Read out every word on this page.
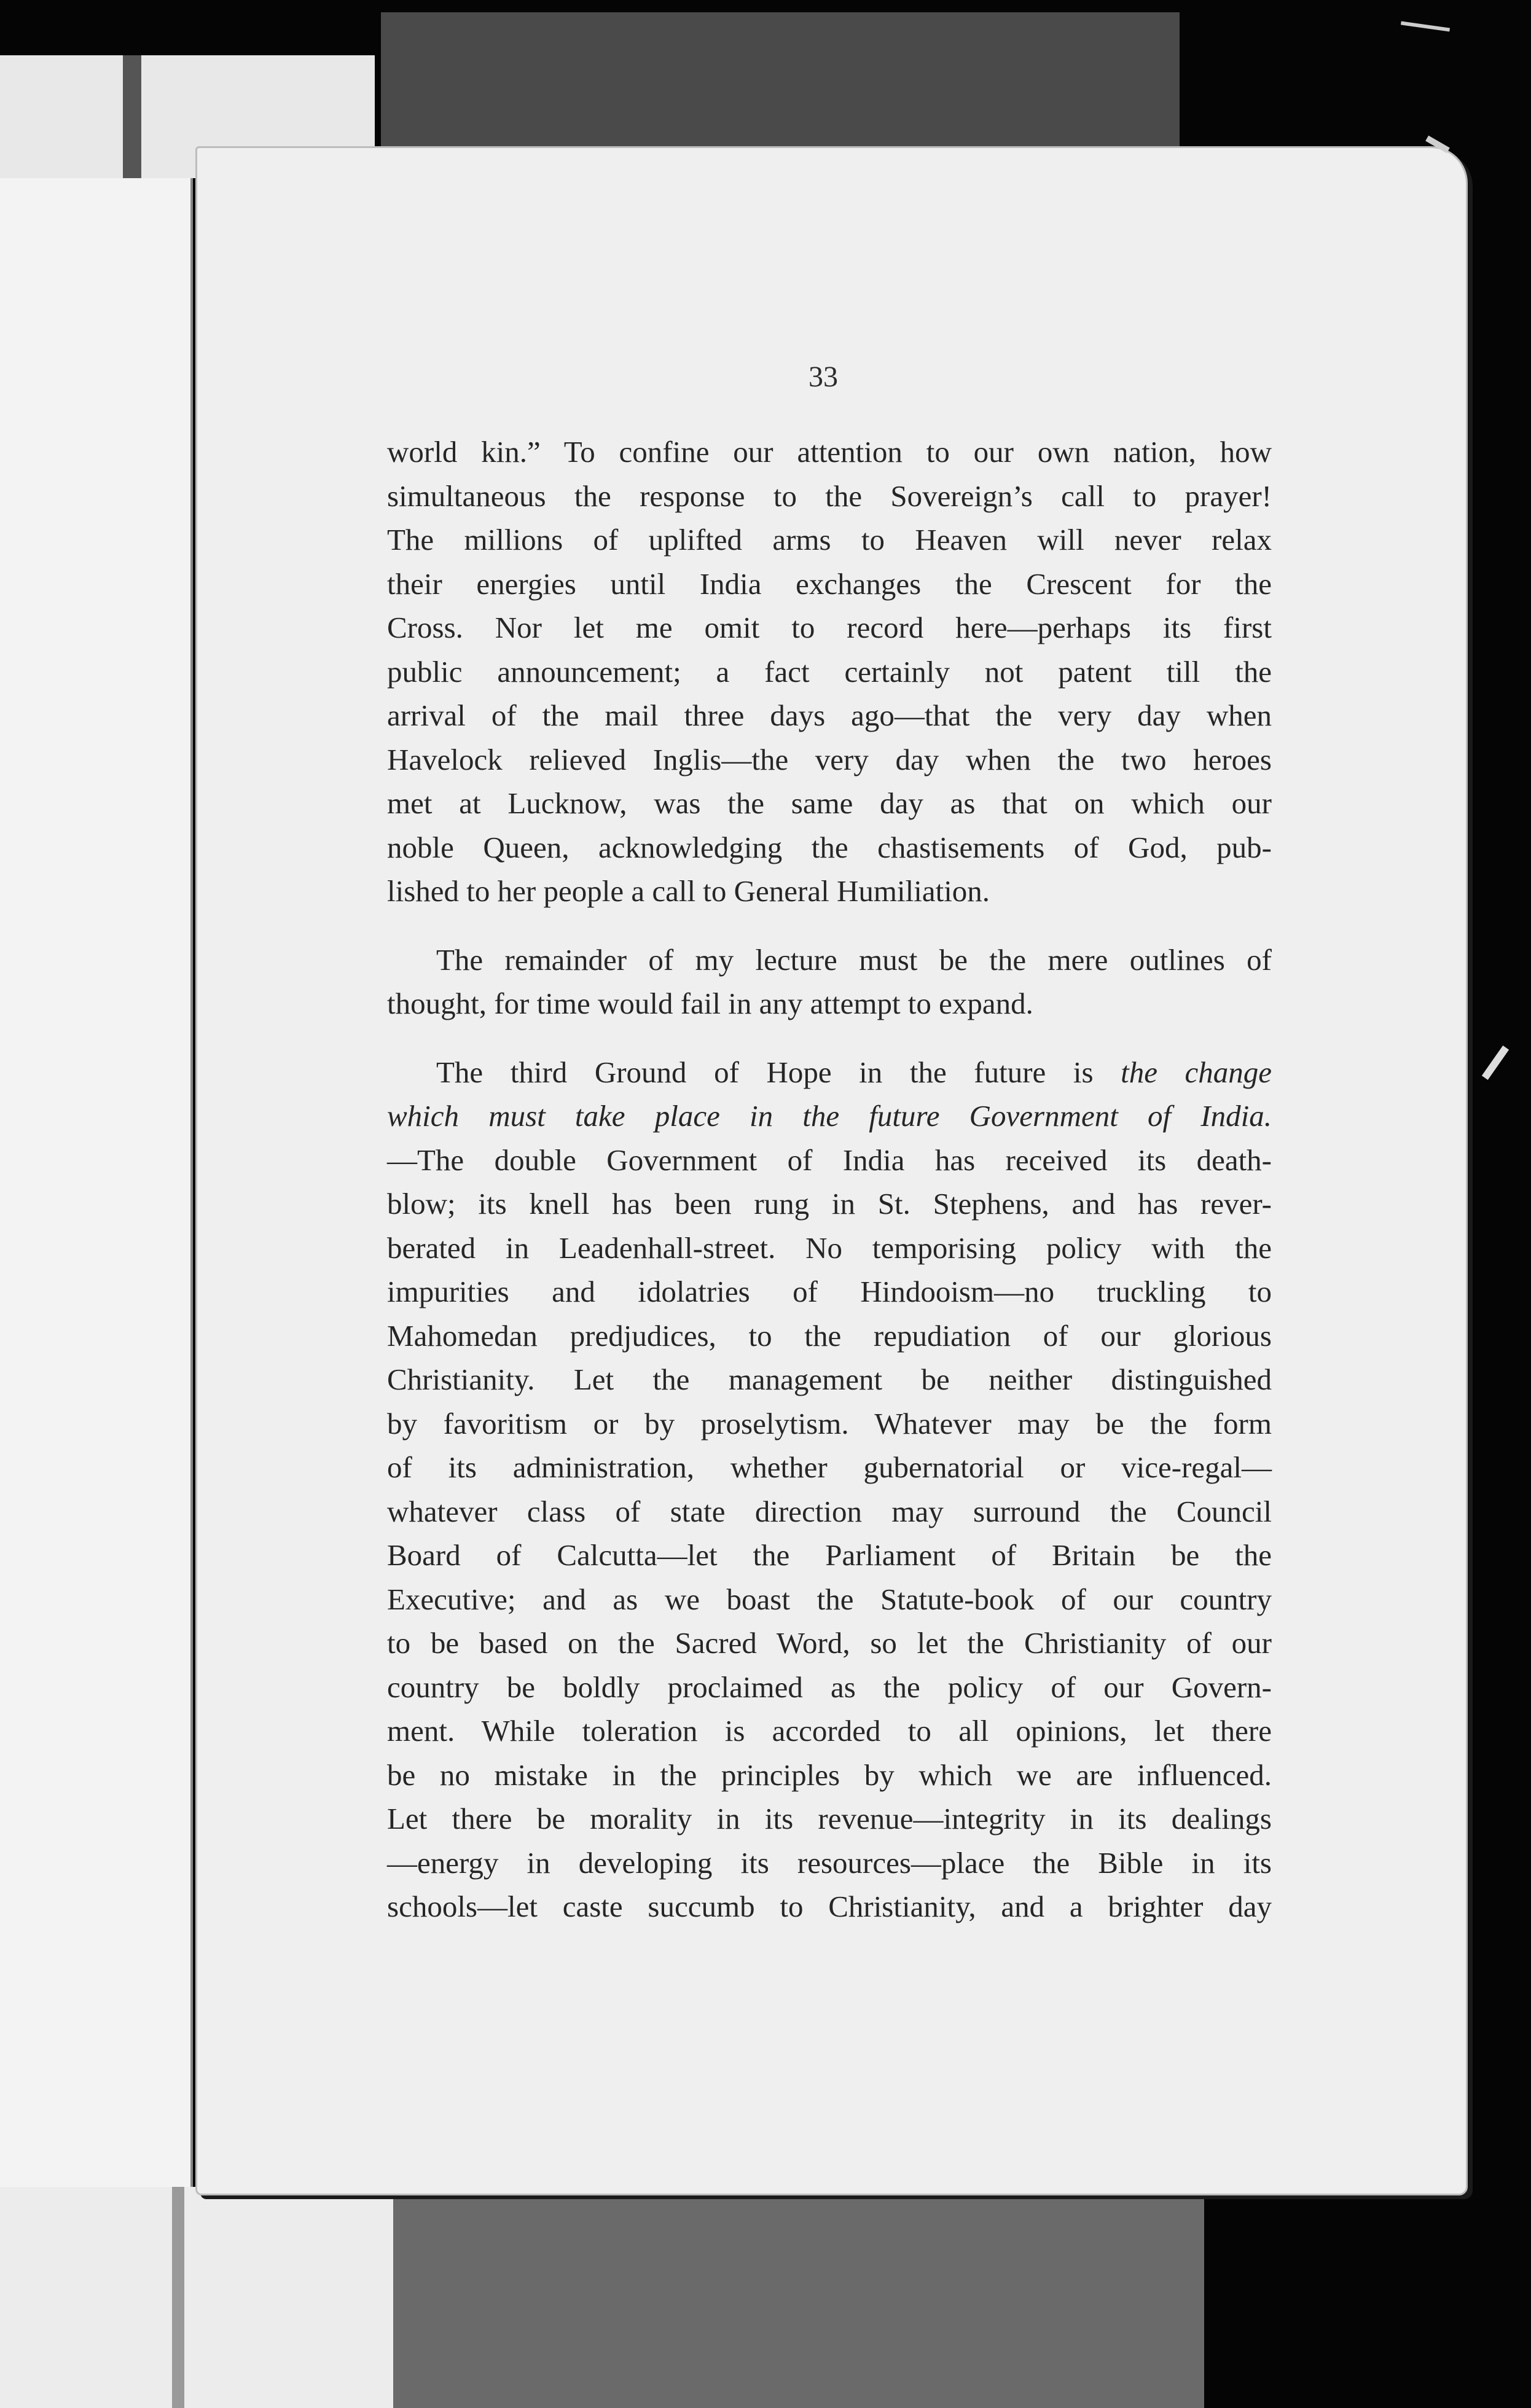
33

world kin.” To confine our attention to our own nation, how
simultaneous the response to the Sovereign’s call to prayer!
The millions of uplifted arms to Heaven will never relax
their energies until India exchanges the Crescent for the
Cross. Nor let me omit to record here—perhaps its first
public announcement; a fact certainly not patent till the
arrival of the mail three days ago—that the very day when
Havelock relieved Inglis—the very day when the two heroes
met at Lucknow, was the same day as that on which our
noble Queen, acknowledging the chastisements of God, pub-
lished to her people a call to General Humiliation.

The remainder of my lecture must be the mere outlines of
thought, for time would fail in any attempt to expand.

The third Ground of Hope in the future is the change
which must take place in the future Government of India.
—The double Government of India has received its death-
blow; its knell has been rung in St. Stephens, and has rever-
berated in Leadenhall-street. No temporising policy with the
impurities and idolatries of Hindooism—no truckling to
Mahomedan predjudices, to the repudiation of our glorious
Christianity. Let the management be neither distinguished
by favoritism or by proselytism. Whatever may be the form
of its administration, whether gubernatorial or vice-regal—
whatever class of state direction may surround the Council
Board of Calcutta—let the Parliament of Britain be the
Executive; and as we boast the Statute-book of our country
to be based on the Sacred Word, so let the Christianity of our
country be boldly proclaimed as the policy of our Govern-
ment. While toleration is accorded to all opinions, let there
be no mistake in the principles by which we are influenced.
Let there be morality in its revenue—integrity in its dealings
—energy in developing its resources—place the Bible in its
schools—let caste succumb to Christianity, and a brighter day
